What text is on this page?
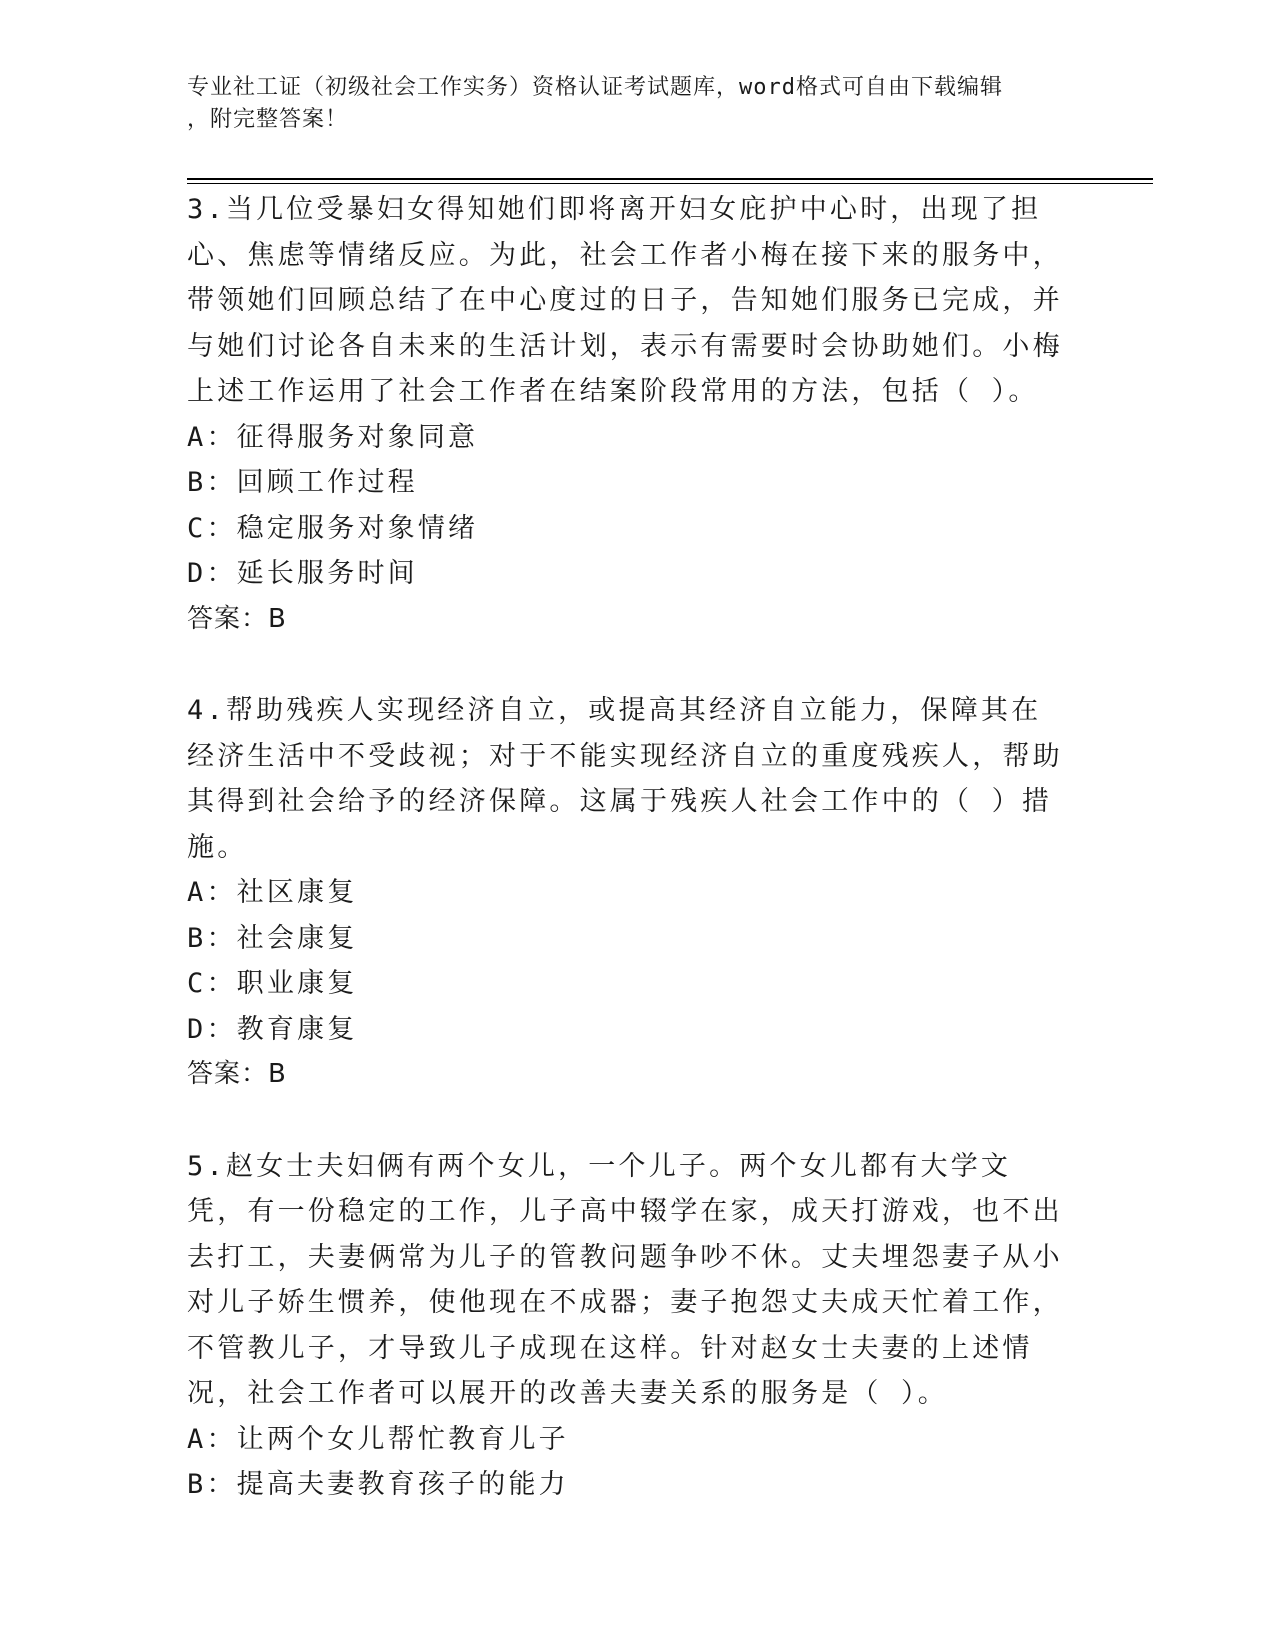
专业社工证（初级社会工作实务）资格认证考试题库，word格式可自由下载编辑
，附完整答案！

3.当几位受暴妇女得知她们即将离开妇女庇护中心时，出现了担心、焦虑等情绪反应。为此，社会工作者小梅在接下来的服务中，带领她们回顾总结了在中心度过的日子，告知她们服务已完成，并与她们讨论各自未来的生活计划，表示有需要时会协助她们。小梅上述工作运用了社会工作者在结案阶段常用的方法，包括（ ）。

A：征得服务对象同意

B：回顾工作过程

C：稳定服务对象情绪

D：延长服务时间

答案：B

4.帮助残疾人实现经济自立，或提高其经济自立能力，保障其在经济生活中不受歧视；对于不能实现经济自立的重度残疾人，帮助其得到社会给予的经济保障。这属于残疾人社会工作中的（ ）措施。

A：社区康复

B：社会康复

C：职业康复

D：教育康复

答案：B

5.赵女士夫妇俩有两个女儿，一个儿子。两个女儿都有大学文凭，有一份稳定的工作，儿子高中辍学在家，成天打游戏，也不出去打工，夫妻俩常为儿子的管教问题争吵不休。丈夫埋怨妻子从小对儿子娇生惯养，使他现在不成器；妻子抱怨丈夫成天忙着工作，不管教儿子，才导致儿子成现在这样。针对赵女士夫妻的上述情况，社会工作者可以展开的改善夫妻关系的服务是（ ）。

A：让两个女儿帮忙教育儿子

B：提高夫妻教育孩子的能力
